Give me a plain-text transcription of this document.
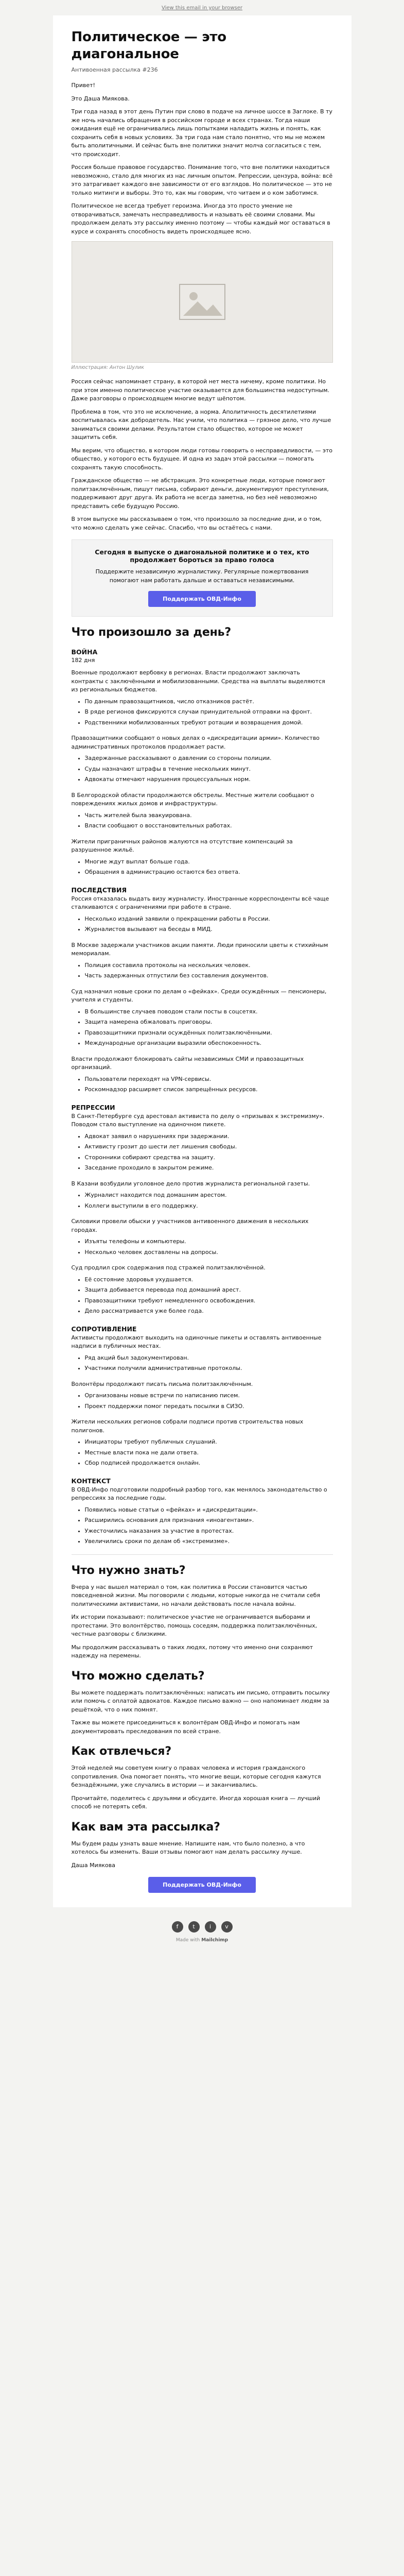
View this email in your browser
Политическое — это диагональное
Антивоенная рассылка #236

Привет!

Это Даша Миякова.

Три года назад в этот день Путин при слово в подаче на личное шоссе в Заглоке. В ту же ночь начались обращения в российском городе и всех странах. Тогда наши ожидания ещё не ограничивались лишь попытками наладить жизнь и понять, как сохранить себя в новых условиях. За три года нам стало понятно, что мы не можем быть аполитичными. И сейчас быть вне политики значит молча согласиться с тем, что происходит.

Россия больше правовое государство. Понимание того, что вне политики находиться невозможно, стало для многих из нас личным опытом. Репрессии, цензура, война: всё это затрагивает каждого вне зависимости от его взглядов. Но политическое — это не только митинги и выборы. Это то, как мы говорим, что читаем и о ком заботимся.

Политическое не всегда требует героизма. Иногда это просто умение не отворачиваться, замечать несправедливость и называть её своими словами. Мы продолжаем делать эту рассылку именно поэтому — чтобы каждый мог оставаться в курсе и сохранять способность видеть происходящее ясно.

Иллюстрация: Антон Шулик

Россия сейчас напоминает страну, в которой нет места ничему, кроме политики. Но при этом именно политическое участие оказывается для большинства недоступным. Даже разговоры о происходящем многие ведут шёпотом.

Проблема в том, что это не исключение, а норма. Аполитичность десятилетиями воспитывалась как добродетель. Нас учили, что политика — грязное дело, что лучше заниматься своими делами. Результатом стало общество, которое не может защитить себя.

Мы верим, что общество, в котором люди готовы говорить о несправедливости, — это общество, у которого есть будущее. И одна из задач этой рассылки — помогать сохранять такую способность.

Гражданское общество — не абстракция. Это конкретные люди, которые помогают политзаключённым, пишут письма, собирают деньги, документируют преступления, поддерживают друг друга. Их работа не всегда заметна, но без неё невозможно представить себе будущую Россию.

В этом выпуске мы рассказываем о том, что произошло за последние дни, и о том, что можно сделать уже сейчас. Спасибо, что вы остаётесь с нами.

Сегодня в выпуске о диагональной политике и о тех, кто продолжает бороться за право голоса
Поддержите независимую журналистику. Регулярные пожертвования помогают нам работать дальше и оставаться независимыми.
Поддержать ОВД-Инфо
Что произошло за день?
ВОЙНА
182 дня
Военные продолжают вербовку в регионах. Власти продолжают заключать контракты с заключёнными и мобилизованными. Средства на выплаты выделяются из региональных бюджетов.
• По данным правозащитников, число отказников растёт.
• В ряде регионов фиксируются случаи принудительной отправки на фронт.
• Родственники мобилизованных требуют ротации и возвращения домой.
Правозащитники сообщают о новых делах о «дискредитации армии». Количество административных протоколов продолжает расти.
• Задержанные рассказывают о давлении со стороны полиции.
• Суды назначают штрафы в течение нескольких минут.
• Адвокаты отмечают нарушения процессуальных норм.
В Белгородской области продолжаются обстрелы. Местные жители сообщают о повреждениях жилых домов и инфраструктуры.
• Часть жителей была эвакуирована.
• Власти сообщают о восстановительных работах.
Жители приграничных районов жалуются на отсутствие компенсаций за разрушенное жильё.
• Многие ждут выплат больше года.
• Обращения в администрацию остаются без ответа.
ПОСЛЕДСТВИЯ
Россия отказалась выдать визу журналисту. Иностранные корреспонденты всё чаще сталкиваются с ограничениями при работе в стране.
• Несколько изданий заявили о прекращении работы в России.
• Журналистов вызывают на беседы в МИД.
В Москве задержали участников акции памяти. Люди приносили цветы к стихийным мемориалам.
• Полиция составила протоколы на нескольких человек.
• Часть задержанных отпустили без составления документов.
Суд назначил новые сроки по делам о «фейках». Среди осуждённых — пенсионеры, учителя и студенты.
• В большинстве случаев поводом стали посты в соцсетях.
• Защита намерена обжаловать приговоры.
• Правозащитники признали осуждённых политзаключёнными.
• Международные организации выразили обеспокоенность.
Власти продолжают блокировать сайты независимых СМИ и правозащитных организаций.
• Пользователи переходят на VPN-сервисы.
• Роскомнадзор расширяет список запрещённых ресурсов.
РЕПРЕССИИ
В Санкт-Петербурге суд арестовал активиста по делу о «призывах к экстремизму». Поводом стало выступление на одиночном пикете.
• Адвокат заявил о нарушениях при задержании.
• Активисту грозит до шести лет лишения свободы.
• Сторонники собирают средства на защиту.
• Заседание проходило в закрытом режиме.
В Казани возбудили уголовное дело против журналиста региональной газеты.
• Журналист находится под домашним арестом.
• Коллеги выступили в его поддержку.
Силовики провели обыски у участников антивоенного движения в нескольких городах.
• Изъяты телефоны и компьютеры.
• Несколько человек доставлены на допросы.
Суд продлил срок содержания под стражей политзаключённой.
• Её состояние здоровья ухудшается.
• Защита добивается перевода под домашний арест.
• Правозащитники требуют немедленного освобождения.
• Дело рассматривается уже более года.
СОПРОТИВЛЕНИЕ
Активисты продолжают выходить на одиночные пикеты и оставлять антивоенные надписи в публичных местах.
• Ряд акций был задокументирован.
• Участники получили административные протоколы.
Волонтёры продолжают писать письма политзаключённым.
• Организованы новые встречи по написанию писем.
• Проект поддержки помог передать посылки в СИЗО.
Жители нескольких регионов собрали подписи против строительства новых полигонов.
• Инициаторы требуют публичных слушаний.
• Местные власти пока не дали ответа.
• Сбор подписей продолжается онлайн.
КОНТЕКСТ
В ОВД-Инфо подготовили подробный разбор того, как менялось законодательство о репрессиях за последние годы.
• Появились новые статьи о «фейках» и «дискредитации».
• Расширились основания для признания «иноагентами».
• Ужесточились наказания за участие в протестах.
• Увеличились сроки по делам об «экстремизме».
Что нужно знать?

Вчера у нас вышел материал о том, как политика в России становится частью повседневной жизни. Мы поговорили с людьми, которые никогда не считали себя политическими активистами, но начали действовать после начала войны.

Их истории показывают: политическое участие не ограничивается выборами и протестами. Это волонтёрство, помощь соседям, поддержка политзаключённых, честные разговоры с близкими.

Мы продолжим рассказывать о таких людях, потому что именно они сохраняют надежду на перемены.

Что можно сделать?

Вы можете поддержать политзаключённых: написать им письмо, отправить посылку или помочь с оплатой адвокатов. Каждое письмо важно — оно напоминает людям за решёткой, что о них помнят.

Также вы можете присоединиться к волонтёрам ОВД-Инфо и помогать нам документировать преследования по всей стране.

Как отвлечься?

Этой неделей мы советуем книгу о правах человека и история гражданского сопротивления. Она помогает понять, что многие вещи, которые сегодня кажутся безнадёжными, уже случались в истории — и заканчивались.

Прочитайте, поделитесь с друзьями и обсудите. Иногда хорошая книга — лучший способ не потерять себя.

Как вам эта рассылка?

Мы будем рады узнать ваше мнение. Напишите нам, что было полезно, а что хотелось бы изменить. Ваши отзывы помогают нам делать рассылку лучше.

Даша Миякова

Поддержать ОВД-Инфо
f	t	i	v
Made with Mailchimp
